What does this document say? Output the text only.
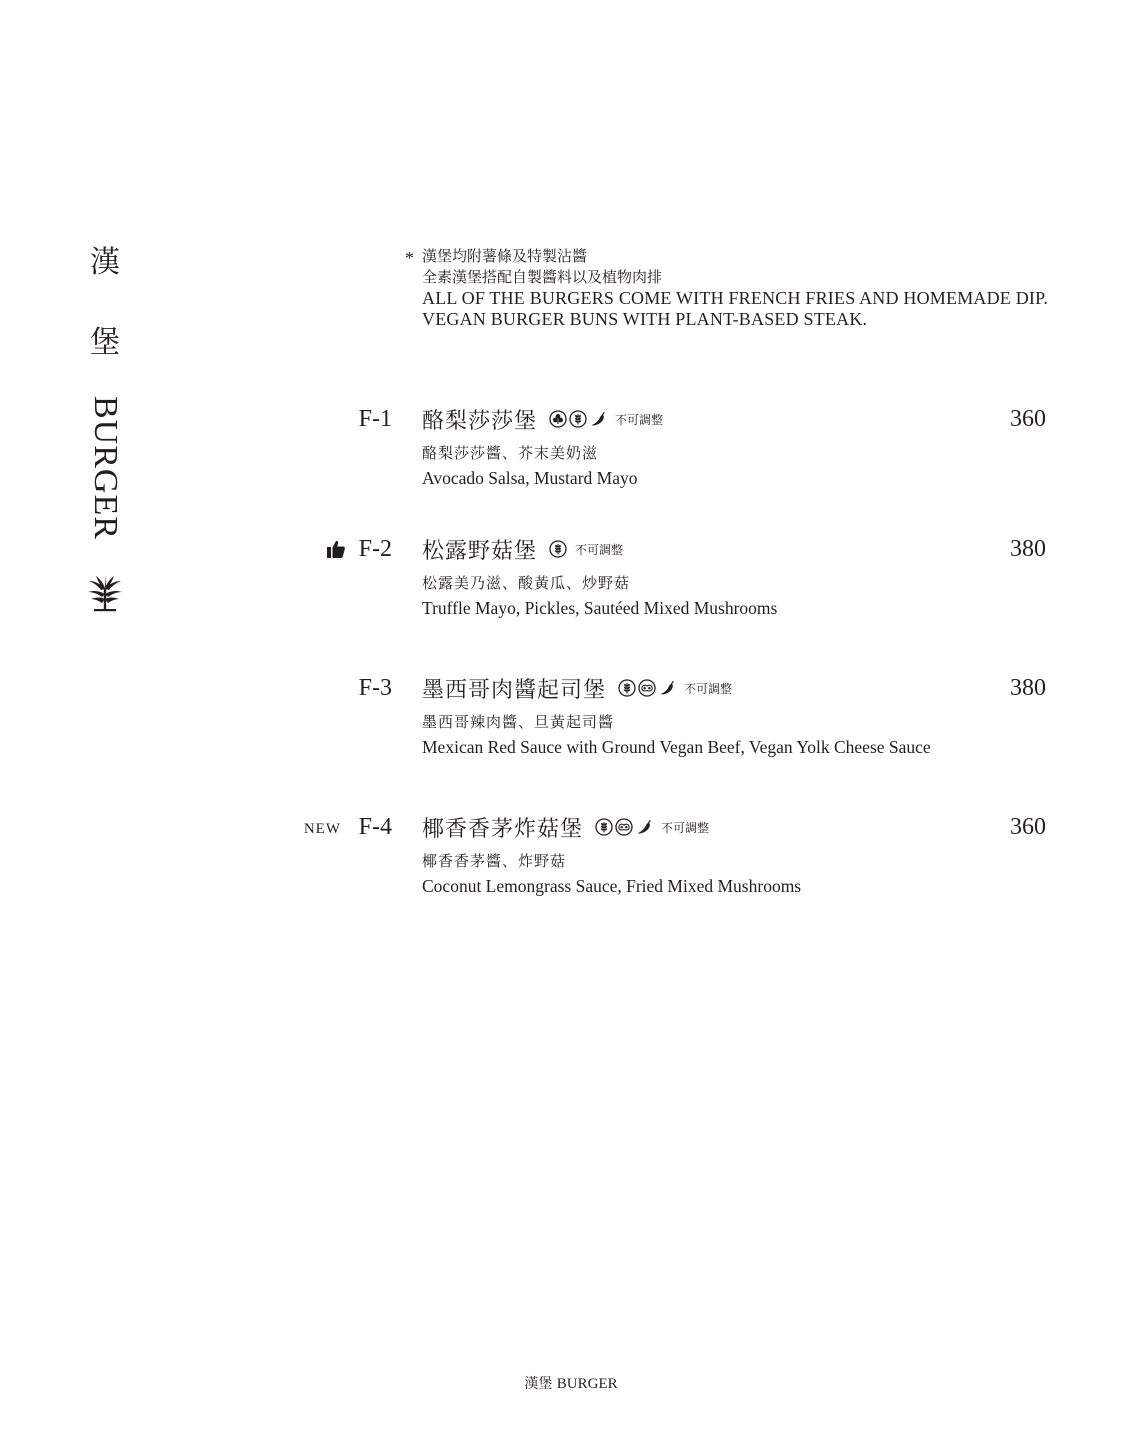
漢
堡
BURGER
* 漢堡均附薯條及特製沾醬
全素漢堡搭配自製醬料以及植物肉排
ALL OF THE BURGERS COME WITH FRENCH FRIES AND HOMEMADE DIP.
VEGAN BURGER BUNS WITH PLANT-BASED STEAK.
F-1 酪梨莎莎堡	不可調整	360
酪梨莎莎醬、芥末美奶滋
Avocado Salsa, Mustard Mayo
F-2 松露野菇堡	不可調整	380
松露美乃滋、酸黃瓜、炒野菇
Truffle Mayo, Pickles, Sautéed Mixed Mushrooms
F-3 墨西哥肉醬起司堡	不可調整	380
墨西哥辣肉醬、旦黃起司醬
Mexican Red Sauce with Ground Vegan Beef, Vegan Yolk Cheese Sauce
NEW F-4 椰香香茅炸菇堡	不可調整	360
椰香香茅醬、炸野菇
Coconut Lemongrass Sauce, Fried Mixed Mushrooms
漢堡 BURGER
